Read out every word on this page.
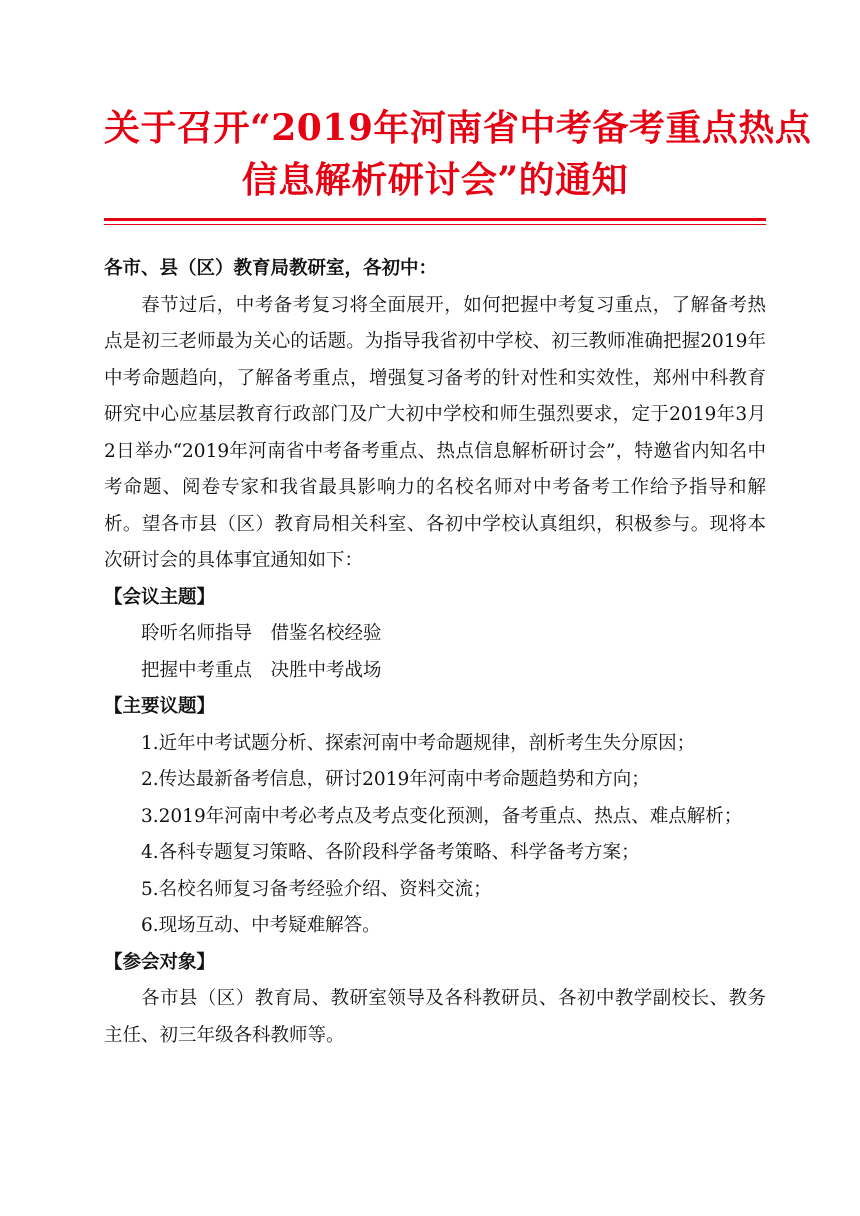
关于召开“2019年河南省中考备考重点热点
信息解析研讨会”的通知

各市、县（区）教育局教研室，各初中：

春节过后，中考备考复习将全面展开，如何把握中考复习重点，了解备考热点是初三老师最为关心的话题。为指导我省初中学校、初三教师准确把握2019年中考命题趋向，了解备考重点，增强复习备考的针对性和实效性，郑州中科教育研究中心应基层教育行政部门及广大初中学校和师生强烈要求，定于2019年3月2日举办“2019年河南省中考备考重点、热点信息解析研讨会”，特邀省内知名中考命题、阅卷专家和我省最具影响力的名校名师对中考备考工作给予指导和解析。望各市县（区）教育局相关科室、各初中学校认真组织，积极参与。现将本次研讨会的具体事宜通知如下：

【会议主题】

聆听名师指导　借鉴名校经验

把握中考重点　决胜中考战场

【主要议题】

1.近年中考试题分析、探索河南中考命题规律，剖析考生失分原因；

2.传达最新备考信息，研讨2019年河南中考命题趋势和方向；

3.2019年河南中考必考点及考点变化预测，备考重点、热点、难点解析；

4.各科专题复习策略、各阶段科学备考策略、科学备考方案；

5.名校名师复习备考经验介绍、资料交流；

6.现场互动、中考疑难解答。

【参会对象】

各市县（区）教育局、教研室领导及各科教研员、各初中教学副校长、教务主任、初三年级各科教师等。
